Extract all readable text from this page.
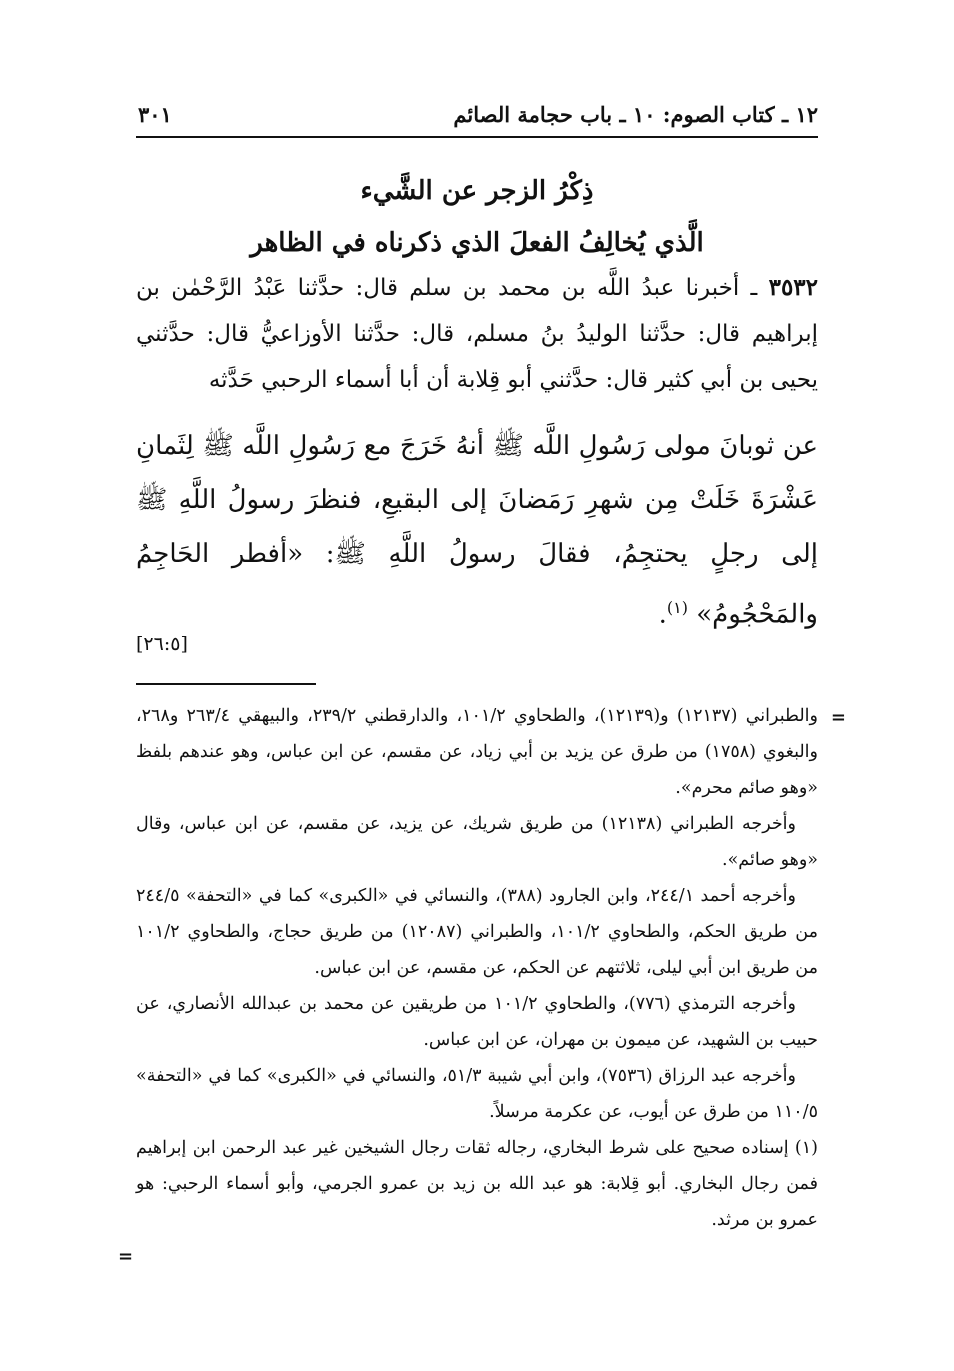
١٢ ـ كتاب الصوم: ١٠ ـ باب حجامة الصائم
٣٠١
ذِكْرُ الزجر عن الشَّيء
الَّذي يُخالِفُ الفعلَ الذي ذكرناه في الظاهر

٣٥٣٢ ـ أخبرنا عبدُ اللَّه بن محمد بن سلم قال: حدَّثنا عَبْدُ الرَّحْمٰن بن إبراهيم قال: حدَّثنا الوليدُ بنُ مسلم، قال: حدَّثنا الأوزاعيُّ قال: حدَّثني يحيى بن أبي كثير قال: حدَّثني أبو قِلابة أن أبا أسماء الرحبي حَدَّثه

عن ثوبانَ مولى رَسُولِ اللَّه ﷺ أنهُ خَرَجَ مع رَسُولِ اللَّه ﷺ لِثَمانِ عَشْرَةَ خَلَتْ مِن شهرِ رَمَضانَ إلى البقيعِ، فنظرَ رسولُ اللَّهِ ﷺ إلى رجلٍ يحتجِمُ، فقالَ رسولُ اللَّهِ ﷺ: «أفطر الحَاجِمُ والمَحْجُومُ» $^{(١)}$.

[٢٦:٥]

=
والطبراني (١٢١٣٧) و(١٢١٣٩)، والطحاوي ١٠١/٢، والدارقطني ٢٣٩/٢، والبيهقي ٢٦٣/٤ و٢٦٨، والبغوي (١٧٥٨) من طرق عن يزيد بن أبي زياد، عن مقسم، عن ابن عباس، وهو عندهم بلفظ «وهو صائم محرم».

وأخرجه الطبراني (١٢١٣٨) من طريق شريك، عن يزيد، عن مقسم، عن ابن عباس، وقال «وهو صائم».

وأخرجه أحمد ٢٤٤/١، وابن الجارود (٣٨٨)، والنسائي في «الكبرى» كما في «التحفة» ٢٤٤/٥ من طريق الحكم، والطحاوي ١٠١/٢، والطبراني (١٢٠٨٧) من طريق حجاج، والطحاوي ١٠١/٢ من طريق ابن أبي ليلى، ثلاثتهم عن الحكم، عن مقسم، عن ابن عباس.

وأخرجه الترمذي (٧٧٦)، والطحاوي ١٠١/٢ من طريقين عن محمد بن عبدالله الأنصاري، عن حبيب بن الشهيد، عن ميمون بن مهران، عن ابن عباس.

وأخرجه عبد الرزاق (٧٥٣٦)، وابن أبي شيبة ٥١/٣، والنسائي في «الكبرى» كما في «التحفة» ١١٠/٥ من طرق عن أيوب، عن عكرمة مرسلاً.

(١) إسناده صحيح على شرط البخاري، رجاله ثقات رجال الشيخين غير عبد الرحمن ابن إبراهيم فمن رجال البخاري. أبو قِلابة: هو عبد الله بن زيد بن عمرو الجرمي، وأبو أسماء الرحبي: هو عمرو بن مرثد.

=
